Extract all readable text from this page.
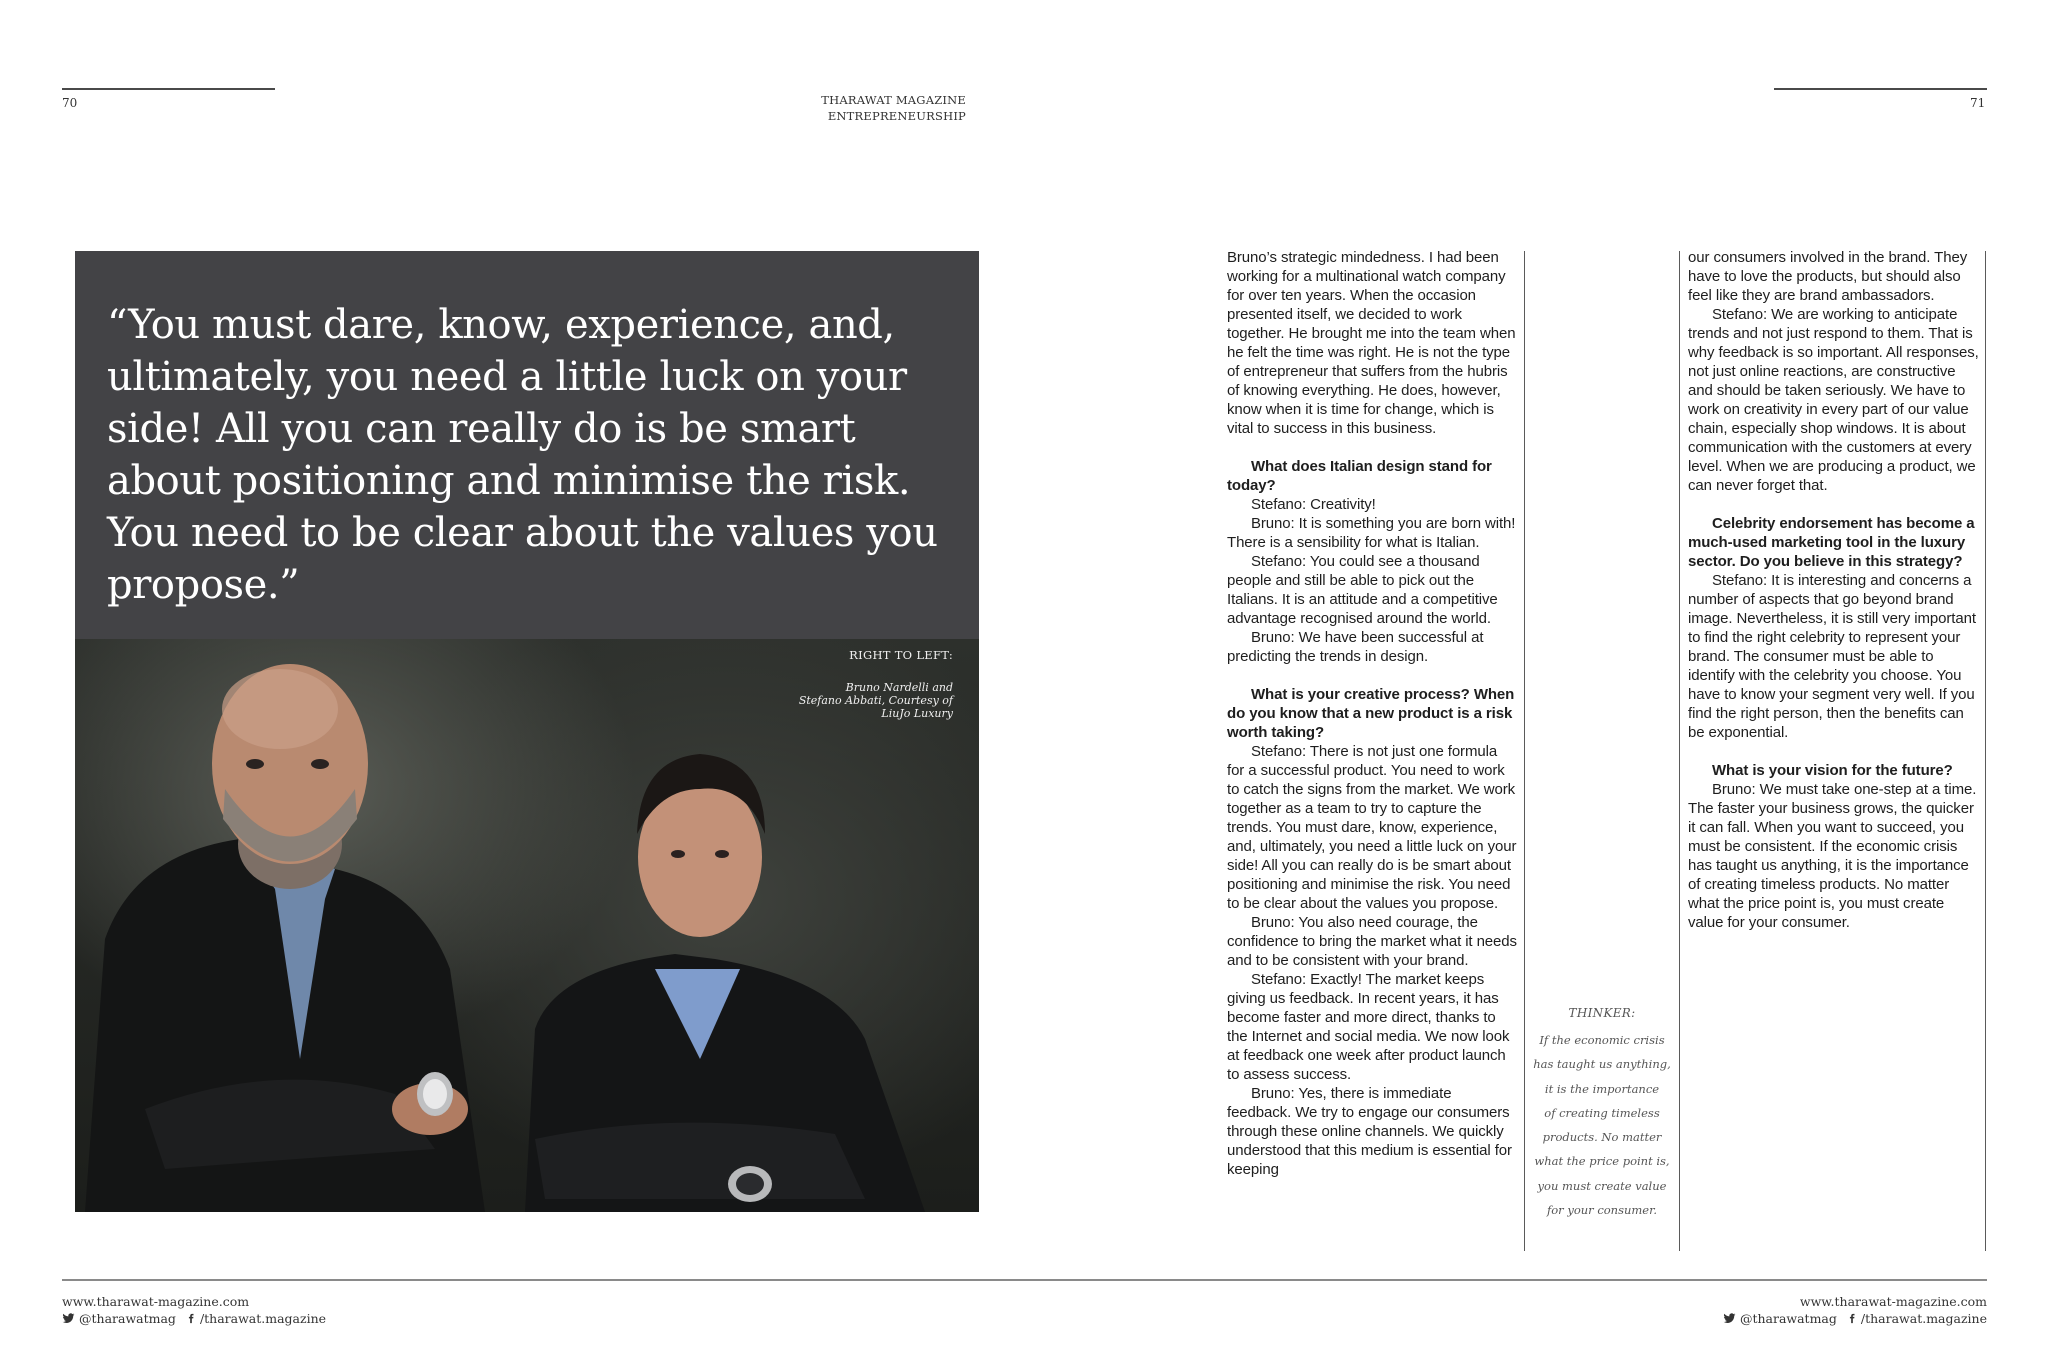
70	71
THARAWAT MAGAZINE
ENTREPRENEURSHIP
“You must dare, know, experience, and, ultimately, you need a little luck on your side! All you can really do is be smart about positioning and minimise the risk. You need to be clear about the values you propose.”
RIGHT TO LEFT:
Bruno Nardelli and
Stefano Abbati, Courtesy of
LiuJo Luxury

Bruno’s strategic mindedness. I had been working for a multinational watch company for over ten years. When the occasion presented itself, we decided to work together. He brought me into the team when he felt the time was right. He is not the type of entrepreneur that suffers from the hubris of knowing everything. He does, however, know when it is time for change, which is vital to success in this business.

What does Italian design stand for today?

Stefano: Creativity!

Bruno: It is something you are born with! There is a sensibility for what is Italian.

Stefano: You could see a thousand people and still be able to pick out the Italians. It is an attitude and a competitive advantage recognised around the world.

Bruno: We have been successful at predicting the trends in design.

What is your creative process? When do you know that a new product is a risk worth taking?

Stefano: There is not just one formula for a successful product. You need to work to catch the signs from the market. We work together as a team to try to capture the trends. You must dare, know, experience, and, ultimately, you need a little luck on your side! All you can really do is be smart about positioning and minimise the risk. You need to be clear about the values you propose.

Bruno: You also need courage, the confidence to bring the market what it needs and to be consistent with your brand.

Stefano: Exactly! The market keeps giving us feedback. In recent years, it has become faster and more direct, thanks to the Internet and social media. We now look at feedback one week after product launch to assess success.

Bruno: Yes, there is immediate feedback. We try to engage our consumers through these online channels. We quickly understood that this medium is essential for keeping

THINKER:
If the economic crisis
has taught us anything,
it is the importance
of creating timeless
products. No matter
what the price point is,
you must create value
for your consumer.

our consumers involved in the brand. They have to love the products, but should also feel like they are brand ambassadors.

Stefano: We are working to anticipate trends and not just respond to them. That is why feedback is so important. All responses, not just online reactions, are constructive and should be taken seriously. We have to work on creativity in every part of our value chain, especially shop windows. It is about communication with the customers at every level. When we are producing a product, we can never forget that.

Celebrity endorsement has become a much-used marketing tool in the luxury sector. Do you believe in this strategy?

Stefano: It is interesting and concerns a number of aspects that go beyond brand image. Nevertheless, it is still very important to find the right celebrity to represent your brand. The consumer must be able to identify with the celebrity you choose. You have to know your segment very well. If you find the right person, then the benefits can be exponential.

What is your vision for the future?

Bruno: We must take one-step at a time. The faster your business grows, the quicker it can fall. When you want to succeed, you must be consistent. If the economic crisis has taught us anything, it is the importance of creating timeless products. No matter what the price point is, you must create value for your consumer.

www.tharawat-magazine.com
@tharawatmag /tharawat.magazine
www.tharawat-magazine.com
@tharawatmag /tharawat.magazine
